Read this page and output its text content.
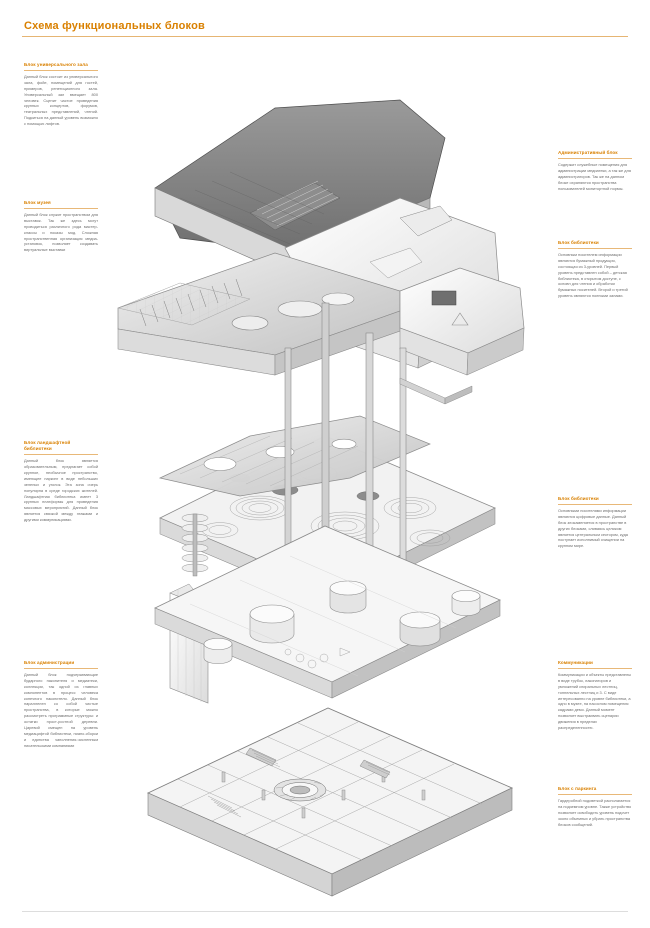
Схема функциональных блоков
Блок универсального зала
Данный блок состоит из универсального зала, фойе, помещений для гостей, примеров, репетиционного зала. Универсальный зал вмещает 800 человек. Сценит частое проведения крупных концертов, форумов, театральных представлений, чтений. Подкиться на данный уровень возможно с помощью лифтов.
Блок музея
Данный блок служит пространством для выставок. Так же здесь могут проводиться различного рода мастер-классы и показы мод. Сложная пространственная организация медиа-установок, позволяет создавать виртуальные выставки
Блок ландшафтной библиотеки
Данный блок является образовательным, предлагает собой крупное, необычное пространство, имеющее паркинг в виде небольших зеленых и уголок. Эта зона очерь популярна в среде городских жителей. Ландшафтная библиотека имеет 3 крупных платформы для проведения массовых мероприятий. Данный блок является связкой между этажами и другими коммуникациями.
Блок администрации
Данный блок подчеркивающие бударного накопителя и медиатеки, коллекции, так одной из главных компонентов в процесс человека конечного накопителя. Данный блок параллелен со собой чистые пространства, в которые можно рассмотреть программные структуры: и остатки прост-ростной деревни. Царевой смещен на уровень медиацифтой библиотеки, пиано-сборки и единства чаполнения-численным писательскими компаниями
Административный блок
Содержит служебные помещения для администрации медиатеки, а так же для администраторов. Так же на данном блоке охраняются пространства пользователей монитортной нормы.
Блок библиотеки
Основным носителем информации являются бумажный продукция, состоящая из 3-уровней. Первый уровень представлен собой – детская библиотека, в открытом доступе, с основн для чтения и обработки бумажных носителей. Второй и третий уровень являются полными залами.
Блок библиотеки
Основными носителями информации являются цифровые данные. Данный блок злокаменяется в пространстве в других блоками, сливаясь целиком является центральным сектором, куда поступает исполнимый очищении на крупном мире.
Коммуникации
Коммуникации и объекты представлены в виде трубок, лаконаторов и умножений спиральных лестниц, тоннельных лестниц и 3. С виде интересованно на уровне библиотеки, а одно в музее, на насосном помещения кадрами демо. Данный момент позволяет выстраивать сценарии движения в пределах распределенностю.
Блок с паркинга
Гардеробной подсветкой располагается на подземном уровне. Также устройство позволяет освободить уровень подсчет зоопо объемных и убрать пространства блоков сообщений.
